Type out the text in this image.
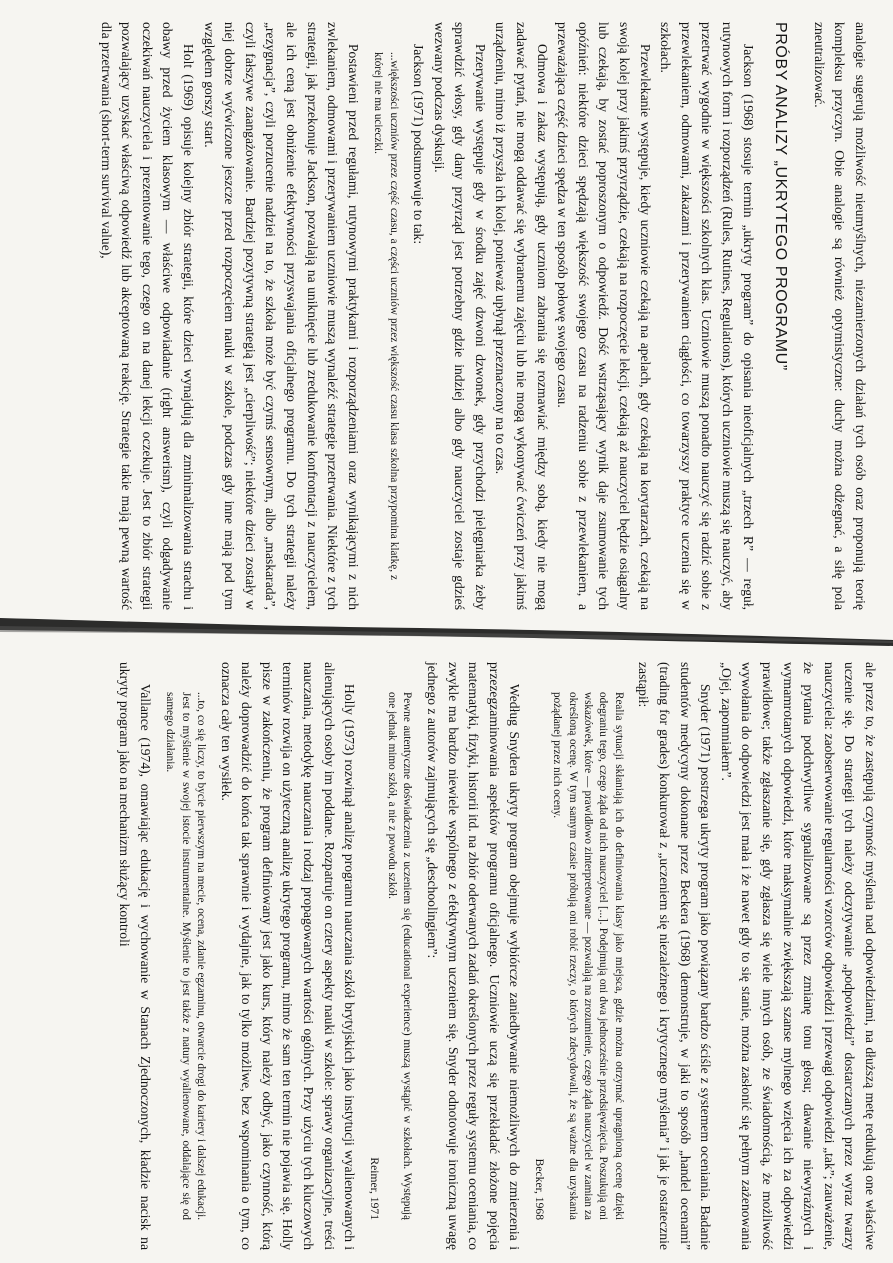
analogie sugerują możliwość nieumyślnych, niezamierzonych działań tych osób oraz proponują teorię kompleksu przyczyn. Obie analogie są również optymistyczne: duchy można odżegnać, a siłę pola zneutralizować.

PRÓBY ANALIZY „UKRYTEGO PROGRAMU”

Jackson (1968) stosuje termin „ukryty program” do opisania nieoficjalnych „trzech R” — reguł, rutynowych form i rozporządzeń (Rules, Rutines, Regulations), których uczniowie muszą się nauczyć, aby przetrwać wygodnie w większości szkolnych klas. Uczniowie muszą ponadto nauczyć się radzić sobie z przewlekaniem, odmowami, zakazami i przerywaniem ciągłości, co towarzyszy praktyce uczenia się w szkołach.

Przewlekanie występuje, kiedy uczniowie czekają na apelach, gdy czekają na korytarzach, czekają na swoją kolej przy jakimś przyrządzie, czekają na rozpoczęcie lekcji, czekają aż nauczyciel będzie osiągalny lub czekają, by zostać poproszonym o odpowiedź. Dość wstrząsający wynik daje zsumowanie tych opóźnień: niektóre dzieci spędzają większość swojego czasu na radzeniu sobie z przewlekaniem, a przeważająca część dzieci spędza w ten sposób połowę swojego czasu.

Odmowa i zakaz występują, gdy uczniom zabrania się rozmawiać między sobą, kiedy nie mogą zadawać pytań, nie mogą oddawać się wybranemu zajęciu lub nie mogą wykonywać ćwiczeń przy jakimś urządzeniu, mimo iż przyszła ich kolej, ponieważ upłynął przeznaczony na to czas.

Przerywanie występuje gdy w środku zajęć dzwoni dzwonek, gdy przychodzi pielęgniarka żeby sprawdzić włosy, gdy dany przyrząd jest potrzebny gdzie indziej albo gdy nauczyciel zostaje gdzieś wezwany podczas dyskusji.

Jackson (1971) podsumowuje to tak:

...większości uczniów przez część czasu, a części uczniów przez większość czasu klasa szkolna przypomina klatkę, z której nie ma ucieczki.

Postawieni przed regułami, rutynowymi praktykami i rozporządzeniami oraz wynikającymi z nich zwlekaniem, odmowami i przerywaniem uczniowie muszą wynaleźć strategie przetrwania. Niektóre z tych strategii, jak przekonuje Jackson, pozwalają na uniknięcie lub zredukowanie konfrontacji z nauczycielem, ale ich ceną jest obniżenie efektywności przyswajania oficjalnego programu. Do tych strategii należy „rezygnacja”, czyli porzucenie nadziei na to, że szkoła może być czymś sensownym, albo „maskarada”, czyli fałszywe zaangażowanie. Bardziej pozytywną strategią jest „cierpliwość”; niektóre dzieci zostały w niej dobrze wyćwiczone jeszcze przed rozpoczęciem nauki w szkole, podczas gdy inne mają pod tym względem gorszy start.

Holt (1969) opisuje kolejny zbiór strategii, które dzieci wynajdują dla zminimalizowania strachu i obawy przed życiem klasowym — właściwe odpowiadanie (right answerism), czyli odgadywanie oczekiwań nauczyciela i prezentowanie tego, czego on na danej lekcji oczekuje. Jest to zbiór strategii pozwalający uzyskać właściwą odpowiedź lub akceptowaną reakcję. Strategie takie mają pewną wartość dla przetrwania (short-term survival value),

ale przez to, że zastępują czynność myślenia nad odpowiedziami, na dłuższą metę redukują one właściwe uczenie się. Do strategii tych należy odczytywanie „podpowiedzi” dostarczanych przez wyraz twarzy nauczyciela: zaobserwowanie regularności wzorców odpowiedzi i przewagi odpowiedzi „tak”; zauważenie, że pytania podchwytliwe sygnalizowane są przez zmianę tonu głosu; dawanie niewyraźnych i wymamrotanych odpowiedzi, które maksymalnie zwiększają szanse mylnego wzięcia ich za odpowiedzi prawidłowe; także zgłaszanie się, gdy zgłasza się wiele innych osób, ze świadomością, że możliwość wywołania do odpowiedzi jest mała i że nawet gdy to się stanie, można zasłonić się pełnym zażenowania „Ojej, zapomniałem”.

Snyder (1971) postrzega ukryty program jako powiązany bardzo ściśle z systemem oceniania. Badanie studentów medycyny dokonane przez Beckera (1968) demonstruje, w jaki to sposób „handel ocenami” (trading for grades) konkurował z „uczeniem się niezależnego i krytycznego myślenia” i jak je ostatecznie zastąpił:

Realia sytuacji skłaniają ich do definiowania klasy jako miejsca, gdzie można otrzymać upragnioną ocenę dzięki odegraniu tego, czego żąda od nich nauczyciel [...]. Podejmują oni dwa jednocześnie przedsięwzięcia. Poszukują oni wskazówek, które — prawidłowo zinterpretowane — pozwalają na zrozumienie, czego żąda nauczyciel w zamian za określoną ocenę. W tym samym czasie próbują oni robić rzeczy, o których zdecydowali, że są ważne dla uzyskania pożądanej przez nich oceny.
Becker, 1968

Według Snydera ukryty program obejmuje wybiórcze zaniedbywanie niemożliwych do zmierzenia i przezegzaminowania aspektów programu oficjalnego. Uczniowie uczą się przekładać złożone pojęcia matematyki, fizyki, historii itd. na zbiór oderwanych zadań określonych przez reguły systemu oceniania, co zwykle ma bardzo niewiele wspólnego z efektywnym uczeniem się. Snyder odnotowuje ironiczną uwagę jednego z autorów zajmujących się „deschoolingiem”:

Pewne autentyczne doświadczenia z uczeniem się (educational experience) muszą wystąpić w szkołach. Występują one jednak mimo szkół, a nie z powodu szkół.
Reimer, 1971

Holly (1973) rozwinął analizę programu nauczania szkół brytyjskich jako instytucji wyalienowanych i alienujących osoby im poddane. Rozpatruje on cztery aspekty nauki w szkole: sprawy organizacyjne, treści nauczania, metodykę nauczania i rodzaj propagowanych wartości ogólnych. Przy użyciu tych kluczowych terminów rozwija on użyteczną analizę ukrytego programu, mimo że sam ten termin nie pojawia się. Holly pisze w zakończeniu, że program definiowany jest jako kurs, który należy odbyć, jako czynność, którą należy doprowadzić do końca tak sprawnie i wydajnie, jak to tylko możliwe, bez wspominania o tym, co oznacza cały ten wysiłek.

...to, co się liczy, to bycie pierwszym na mecie, ocena, zdanie egzaminu, otwarcie drogi do kariery i dalszej edukacji. Jest to myślenie w swojej istocie instrumentalne. Myślenie to jest także z natury wyalienowane, oddalające się od samego działania.

Vallance (1974), omawiając edukację i wychowanie w Stanach Zjednoczonych, kładzie nacisk na ukryty program jako na mechanizm służący kontroli
